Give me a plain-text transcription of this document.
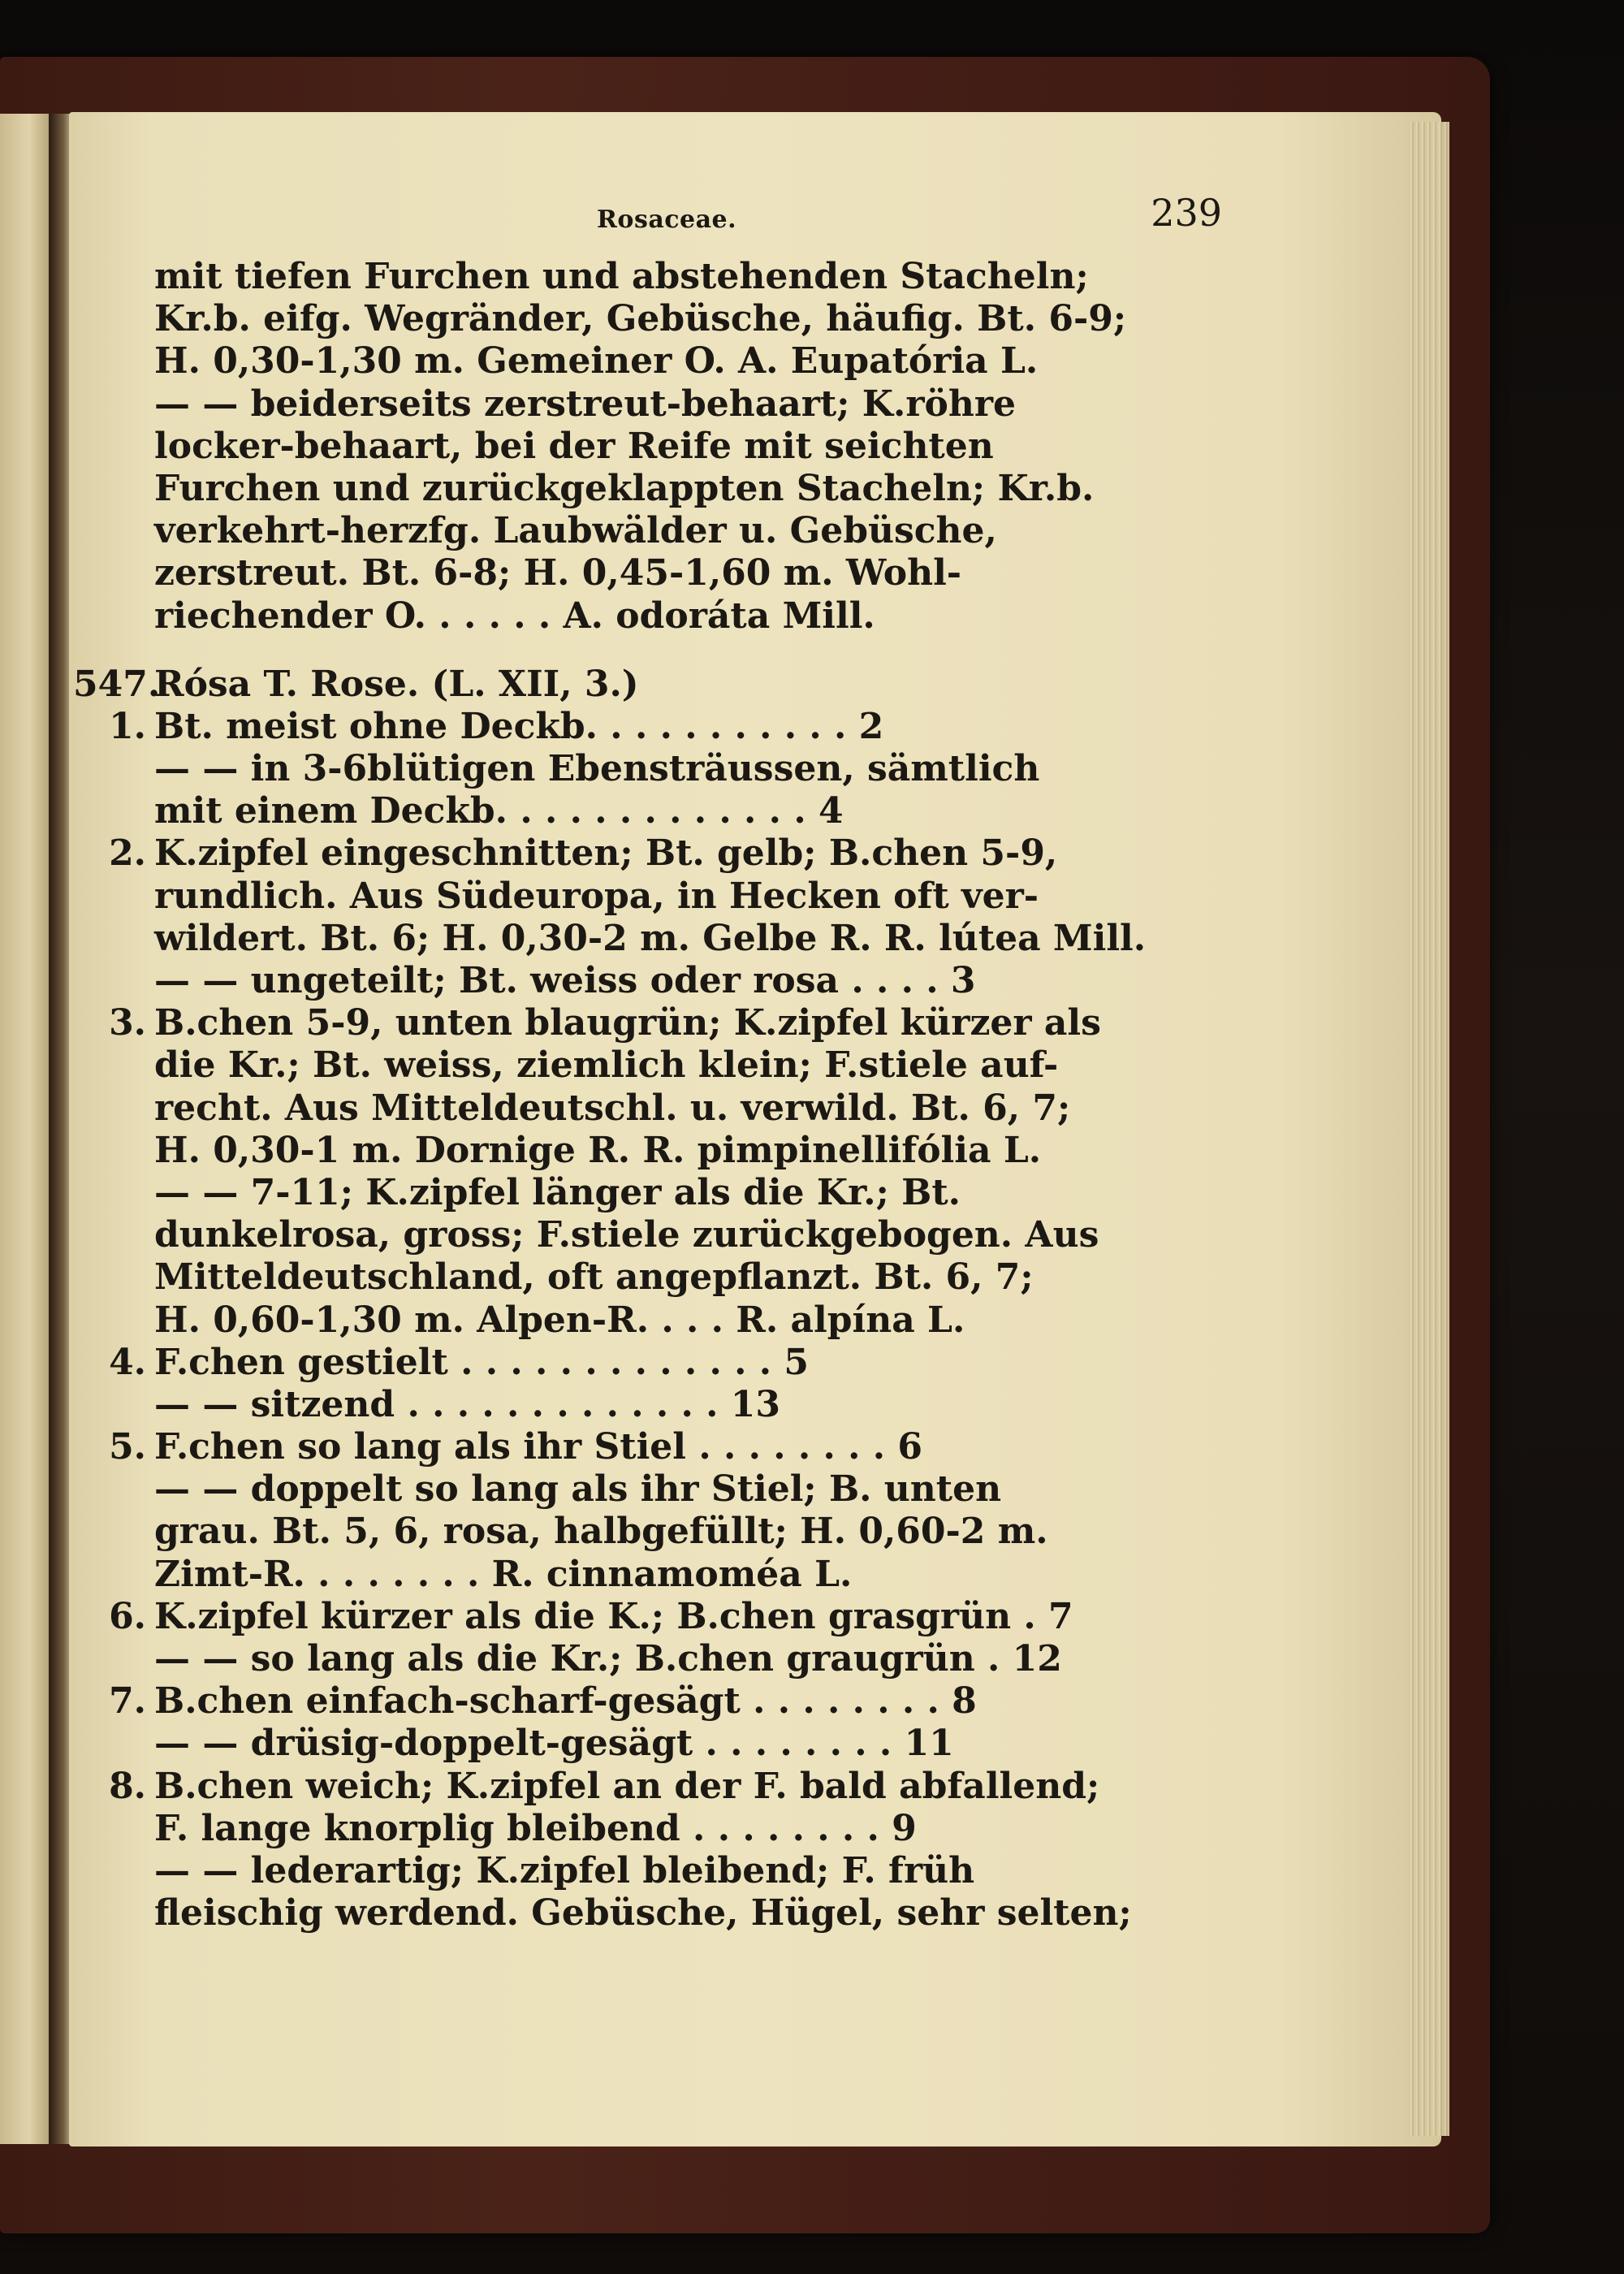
Rosaceae.	239
mit tiefen Furchen und abstehenden Stacheln;
Kr.b. eifg. Wegränder, Gebüsche, häufig. Bt. 6-9;
H. 0,30-1,30 m. Gemeiner O. A. Eupatória L.
— — beiderseits zerstreut-behaart; K.röhre
locker-behaart, bei der Reife mit seichten
Furchen und zurückgeklappten Stacheln; Kr.b.
verkehrt-herzfg. Laubwälder u. Gebüsche,
zerstreut. Bt. 6-8; H. 0,45-1,60 m. Wohl-
riechender O. . . . . . A. odoráta Mill.
547.
Rósa T. Rose. (L. XII, 3.)
1. Bt. meist ohne Deckb. . . . . . . . . . . 2
— — in 3-6blütigen Ebensträussen, sämtlich
mit einem Deckb. . . . . . . . . . . . . 4
2. K.zipfel eingeschnitten; Bt. gelb; B.chen 5-9,
rundlich. Aus Südeuropa, in Hecken oft ver-
wildert. Bt. 6; H. 0,30-2 m. Gelbe R. R. lútea Mill.
— — ungeteilt; Bt. weiss oder rosa . . . . 3
3. B.chen 5-9, unten blaugrün; K.zipfel kürzer als
die Kr.; Bt. weiss, ziemlich klein; F.stiele auf-
recht. Aus Mitteldeutschl. u. verwild. Bt. 6, 7;
H. 0,30-1 m. Dornige R. R. pimpinellifólia L.
— — 7-11; K.zipfel länger als die Kr.; Bt.
dunkelrosa, gross; F.stiele zurückgebogen. Aus
Mitteldeutschland, oft angepflanzt. Bt. 6, 7;
H. 0,60-1,30 m. Alpen-R. . . . R. alpína L.
4. F.chen gestielt . . . . . . . . . . . . . 5
— — sitzend . . . . . . . . . . . . . 13
5. F.chen so lang als ihr Stiel . . . . . . . . 6
— — doppelt so lang als ihr Stiel; B. unten
grau. Bt. 5, 6, rosa, halbgefüllt; H. 0,60-2 m.
Zimt-R. . . . . . . . R. cinnamoméa L.
6. K.zipfel kürzer als die K.; B.chen grasgrün . 7
— — so lang als die Kr.; B.chen graugrün . 12
7. B.chen einfach-scharf-gesägt . . . . . . . . 8
— — drüsig-doppelt-gesägt . . . . . . . . 11
8. B.chen weich; K.zipfel an der F. bald abfallend;
F. lange knorplig bleibend . . . . . . . . 9
— — lederartig; K.zipfel bleibend; F. früh
fleischig werdend. Gebüsche, Hügel, sehr selten;
